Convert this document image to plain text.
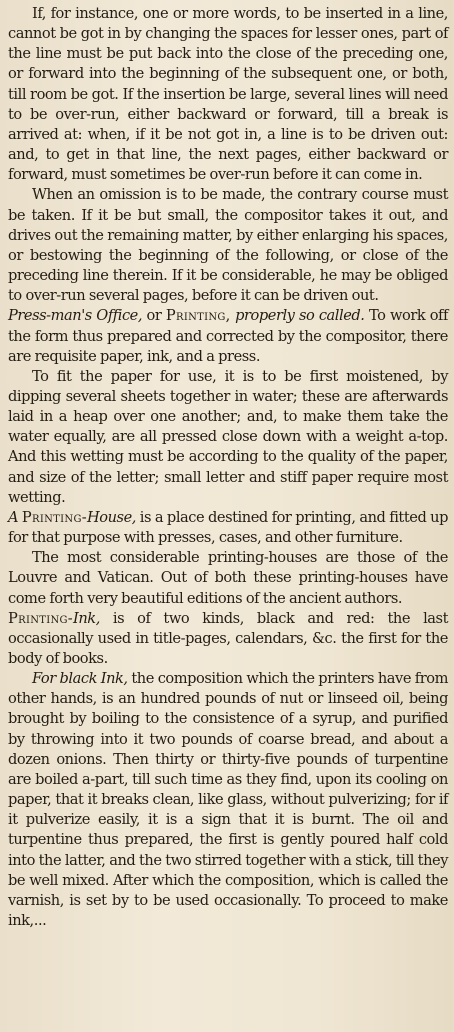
If, for instance, one or more words, to be inserted in a line, cannot be got in by changing the spaces for lesser ones, part of the line must be put back into the close of the preceding one, or forward into the beginning of the subsequent one, or both, till room be got. If the insertion be large, several lines will need to be over-run, either backward or forward, till a break is arrived at: when, if it be not got in, a line is to be driven out: and, to get in that line, the next pages, either backward or forward, must sometimes be over-run before it can come in.

When an omission is to be made, the contrary course must be taken. If it be but small, the compositor takes it out, and drives out the remaining matter, by either enlarging his spaces, or bestowing the beginning of the following, or close of the preceding line therein. If it be considerable, he may be obliged to over-run several pages, before it can be driven out.

Press-man's Office, or Printing, properly so called. To work off the form thus prepared and corrected by the compositor, there are requisite paper, ink, and a press.

To fit the paper for use, it is to be first moistened, by dipping several sheets together in water; these are afterwards laid in a heap over one another; and, to make them take the water equally, are all pressed close down with a weight a-top. And this wetting must be according to the quality of the paper, and size of the letter; small letter and stiff paper require most wetting.

A Printing-House, is a place destined for printing, and fitted up for that purpose with presses, cases, and other furniture.

The most considerable printing-houses are those of the Louvre and Vatican. Out of both these printing-houses have come forth very beautiful editions of the ancient authors.

Printing-Ink, is of two kinds, black and red: the last occasionally used in title-pages, calendars, &c. the first for the body of books.

For black Ink, the composition which the printers have from other hands, is an hundred pounds of nut or linseed oil, being brought by boiling to the consistence of a syrup, and purified by throwing into it two pounds of coarse bread, and about a dozen onions. Then thirty or thirty-five pounds of turpentine are boiled a-part, till such time as they find, upon its cooling on paper, that it breaks clean, like glass, without pulverizing; for if it pulverize easily, it is a sign that it is burnt. The oil and turpentine thus prepared, the first is gently poured half cold into the latter, and the two stirred together with a stick, till they be well mixed. After which the composition, which is called the varnish, is set by to be used occasionally. To proceed to make ink,...
